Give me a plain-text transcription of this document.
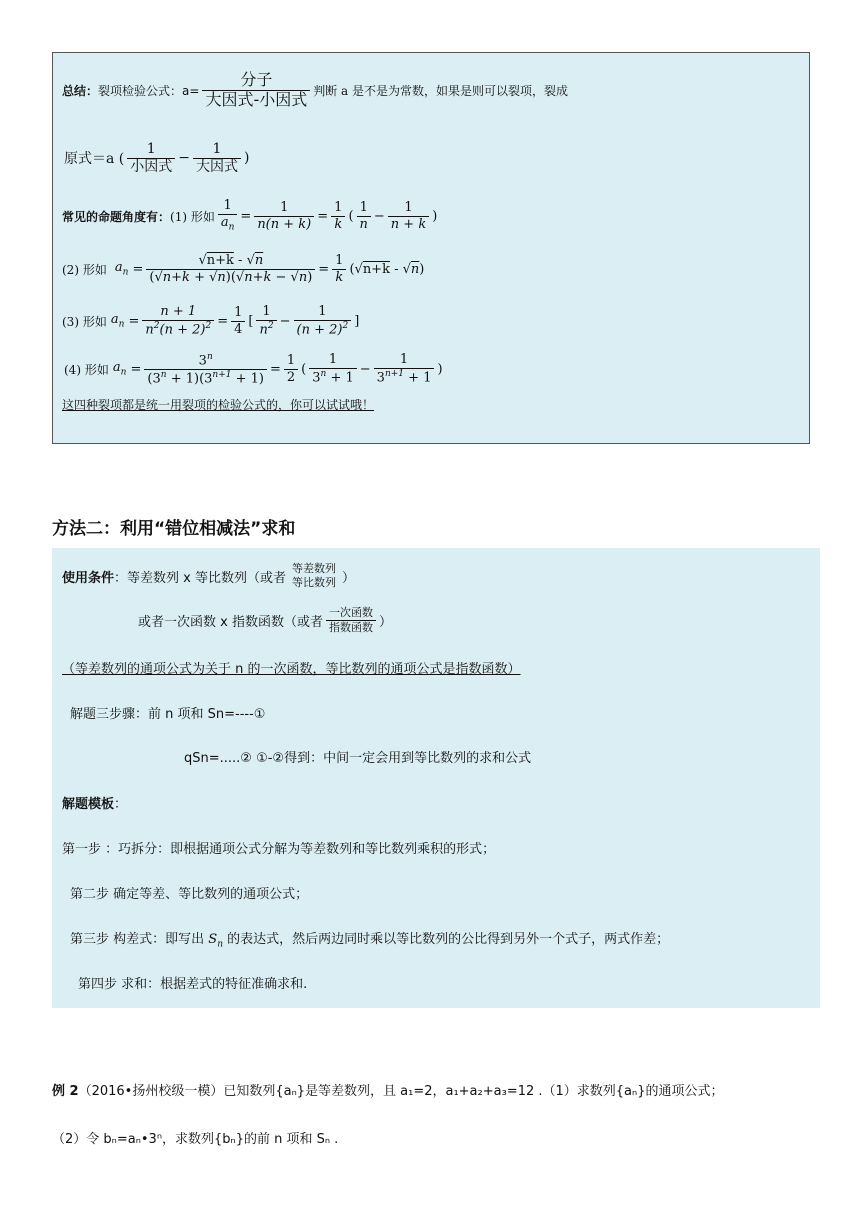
总结： 裂项检验公式：$a= \frac{\text{分子}}{\text{大因式-小因式}}$ 判断 a 是不是为常数，如果是则可以裂项，裂成
原式＝a ( $\frac{1}{\text{小因式}} - \frac{1}{\text{大因式}}$ )
常见的命题角度有： (1) 形如 $\frac{1}{a_n} = \frac{1}{n(n + k)} = \frac{1}{k}$ ( $\frac{1}{n} - \frac{1}{n + k}$ )
(2) 形如 $a_n = \frac{√n+k - √n}{(√n+k + √n)(√n+k - √n)} = \frac{1}{k} (√n+k - √n)$
(3) 形如 $a_n = \frac{n + 1}{n^2(n + 2)^2} = \frac{1}{4}$ [ $\frac{1}{n^2} - \frac{1}{(n + 2)^2}$ ]
(4) 形如 $a_n = \frac{3^n}{(3^n + 1)(3^{n+1} + 1)} = \frac{1}{2}$ ( $\frac{1}{3^n + 1} - \frac{1}{3^{n+1} + 1}$ )
这四种裂项都是统一用裂项的检验公式的，你可以试试哦！
方法二：利用“错位相减法”求和
使用条件 ：等差数列 x 等比数列（或者
等差数列
等比数列 ）
或者一次函数 x 指数函数（或者 $\frac{\text{一次函数}}{\text{指数函数}}$ ）
（等差数列的通项公式为关于 n 的一次函数，等比数列的通项公式是指数函数）
解题三步骤：前 n 项和 Sn=----①
qSn=.....② ①-②得到：中间一定会用到等比数列的求和公式
解题模板：
第一步 ：巧拆分：即根据通项公式分解为等差数列和等比数列乘积的形式；
第二步 确定等差、等比数列的通项公式；
第三步 构差式：即写出 $S_n$ 的表达式，然后两边同时乘以等比数列的公比得到另外一个式子，两式作差；
第四步 求和：根据差式的特征准确求和.
例 2（2016•扬州校级一模）已知数列{aₙ}是等差数列，且 a₁=2，a₁+a₂+a₃=12 .（1）求数列{aₙ}的通项公式；
（2）令 bₙ=aₙ•3ⁿ，求数列{bₙ}的前 n 项和 Sₙ .
